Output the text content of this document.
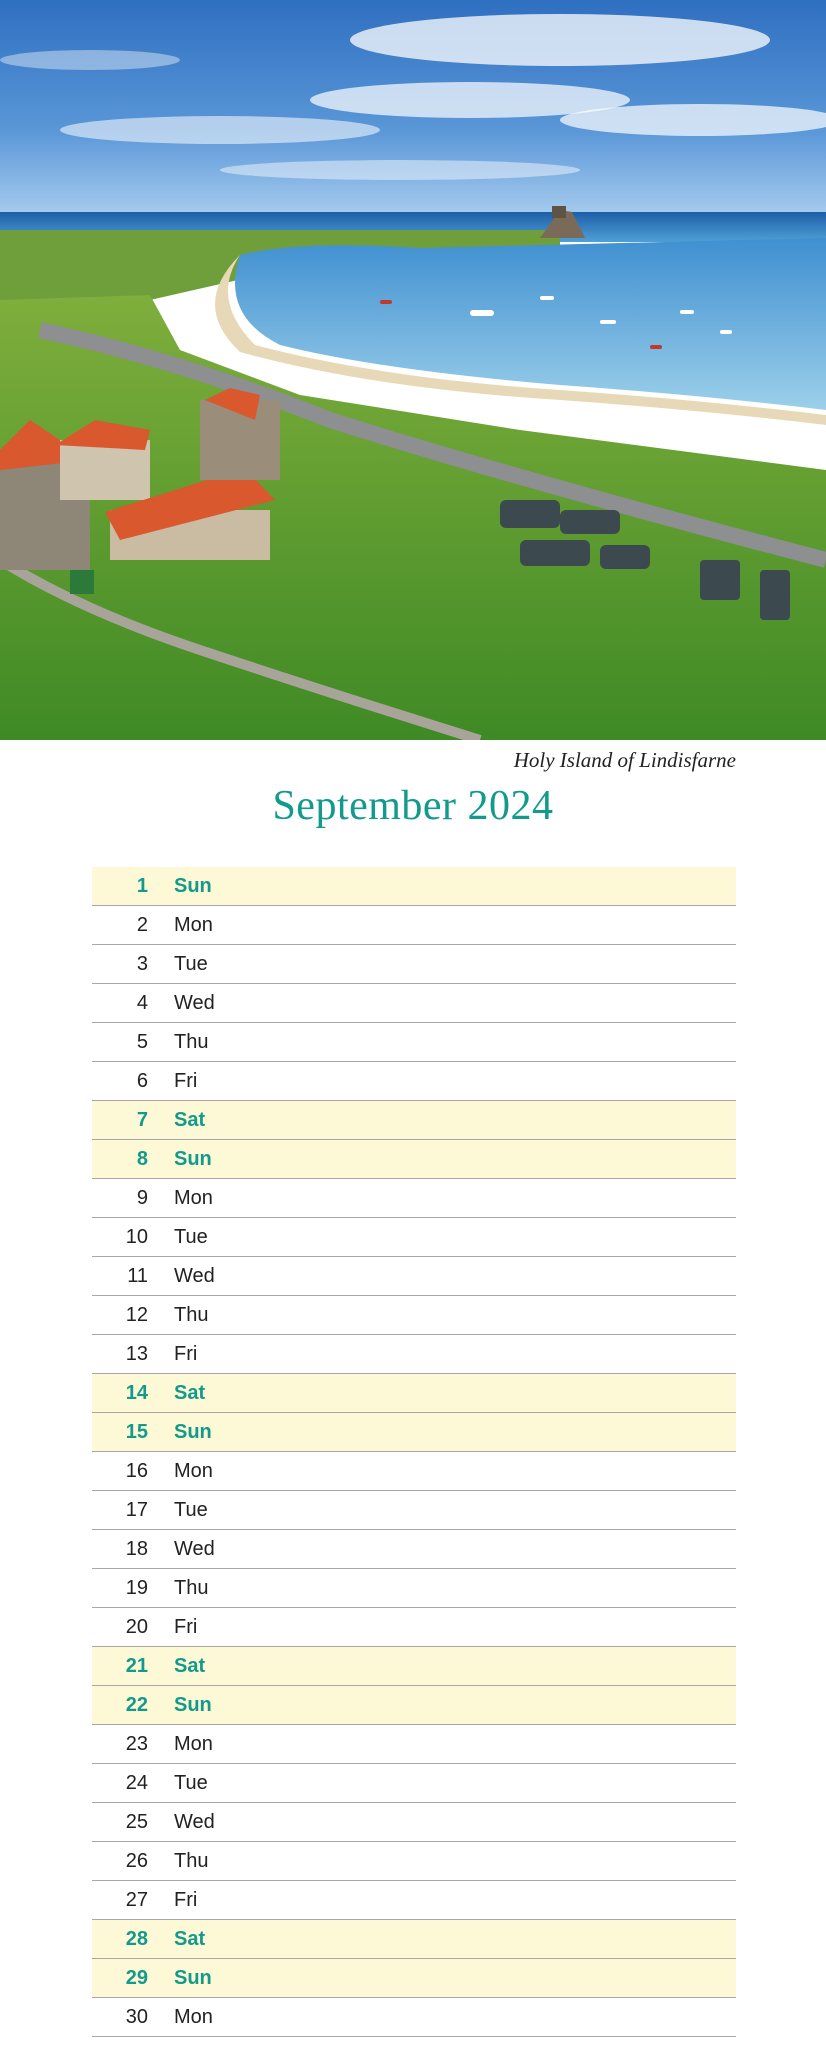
Holy Island of Lindisfarne
September 2024
1 Sun
2 Mon
3 Tue
4 Wed
5 Thu
6 Fri
7 Sat
8 Sun
9 Mon
10 Tue
11 Wed
12 Thu
13 Fri
14 Sat
15 Sun
16 Mon
17 Tue
18 Wed
19 Thu
20 Fri
21 Sat
22 Sun
23 Mon
24 Tue
25 Wed
26 Thu
27 Fri
28 Sat
29 Sun
30 Mon
